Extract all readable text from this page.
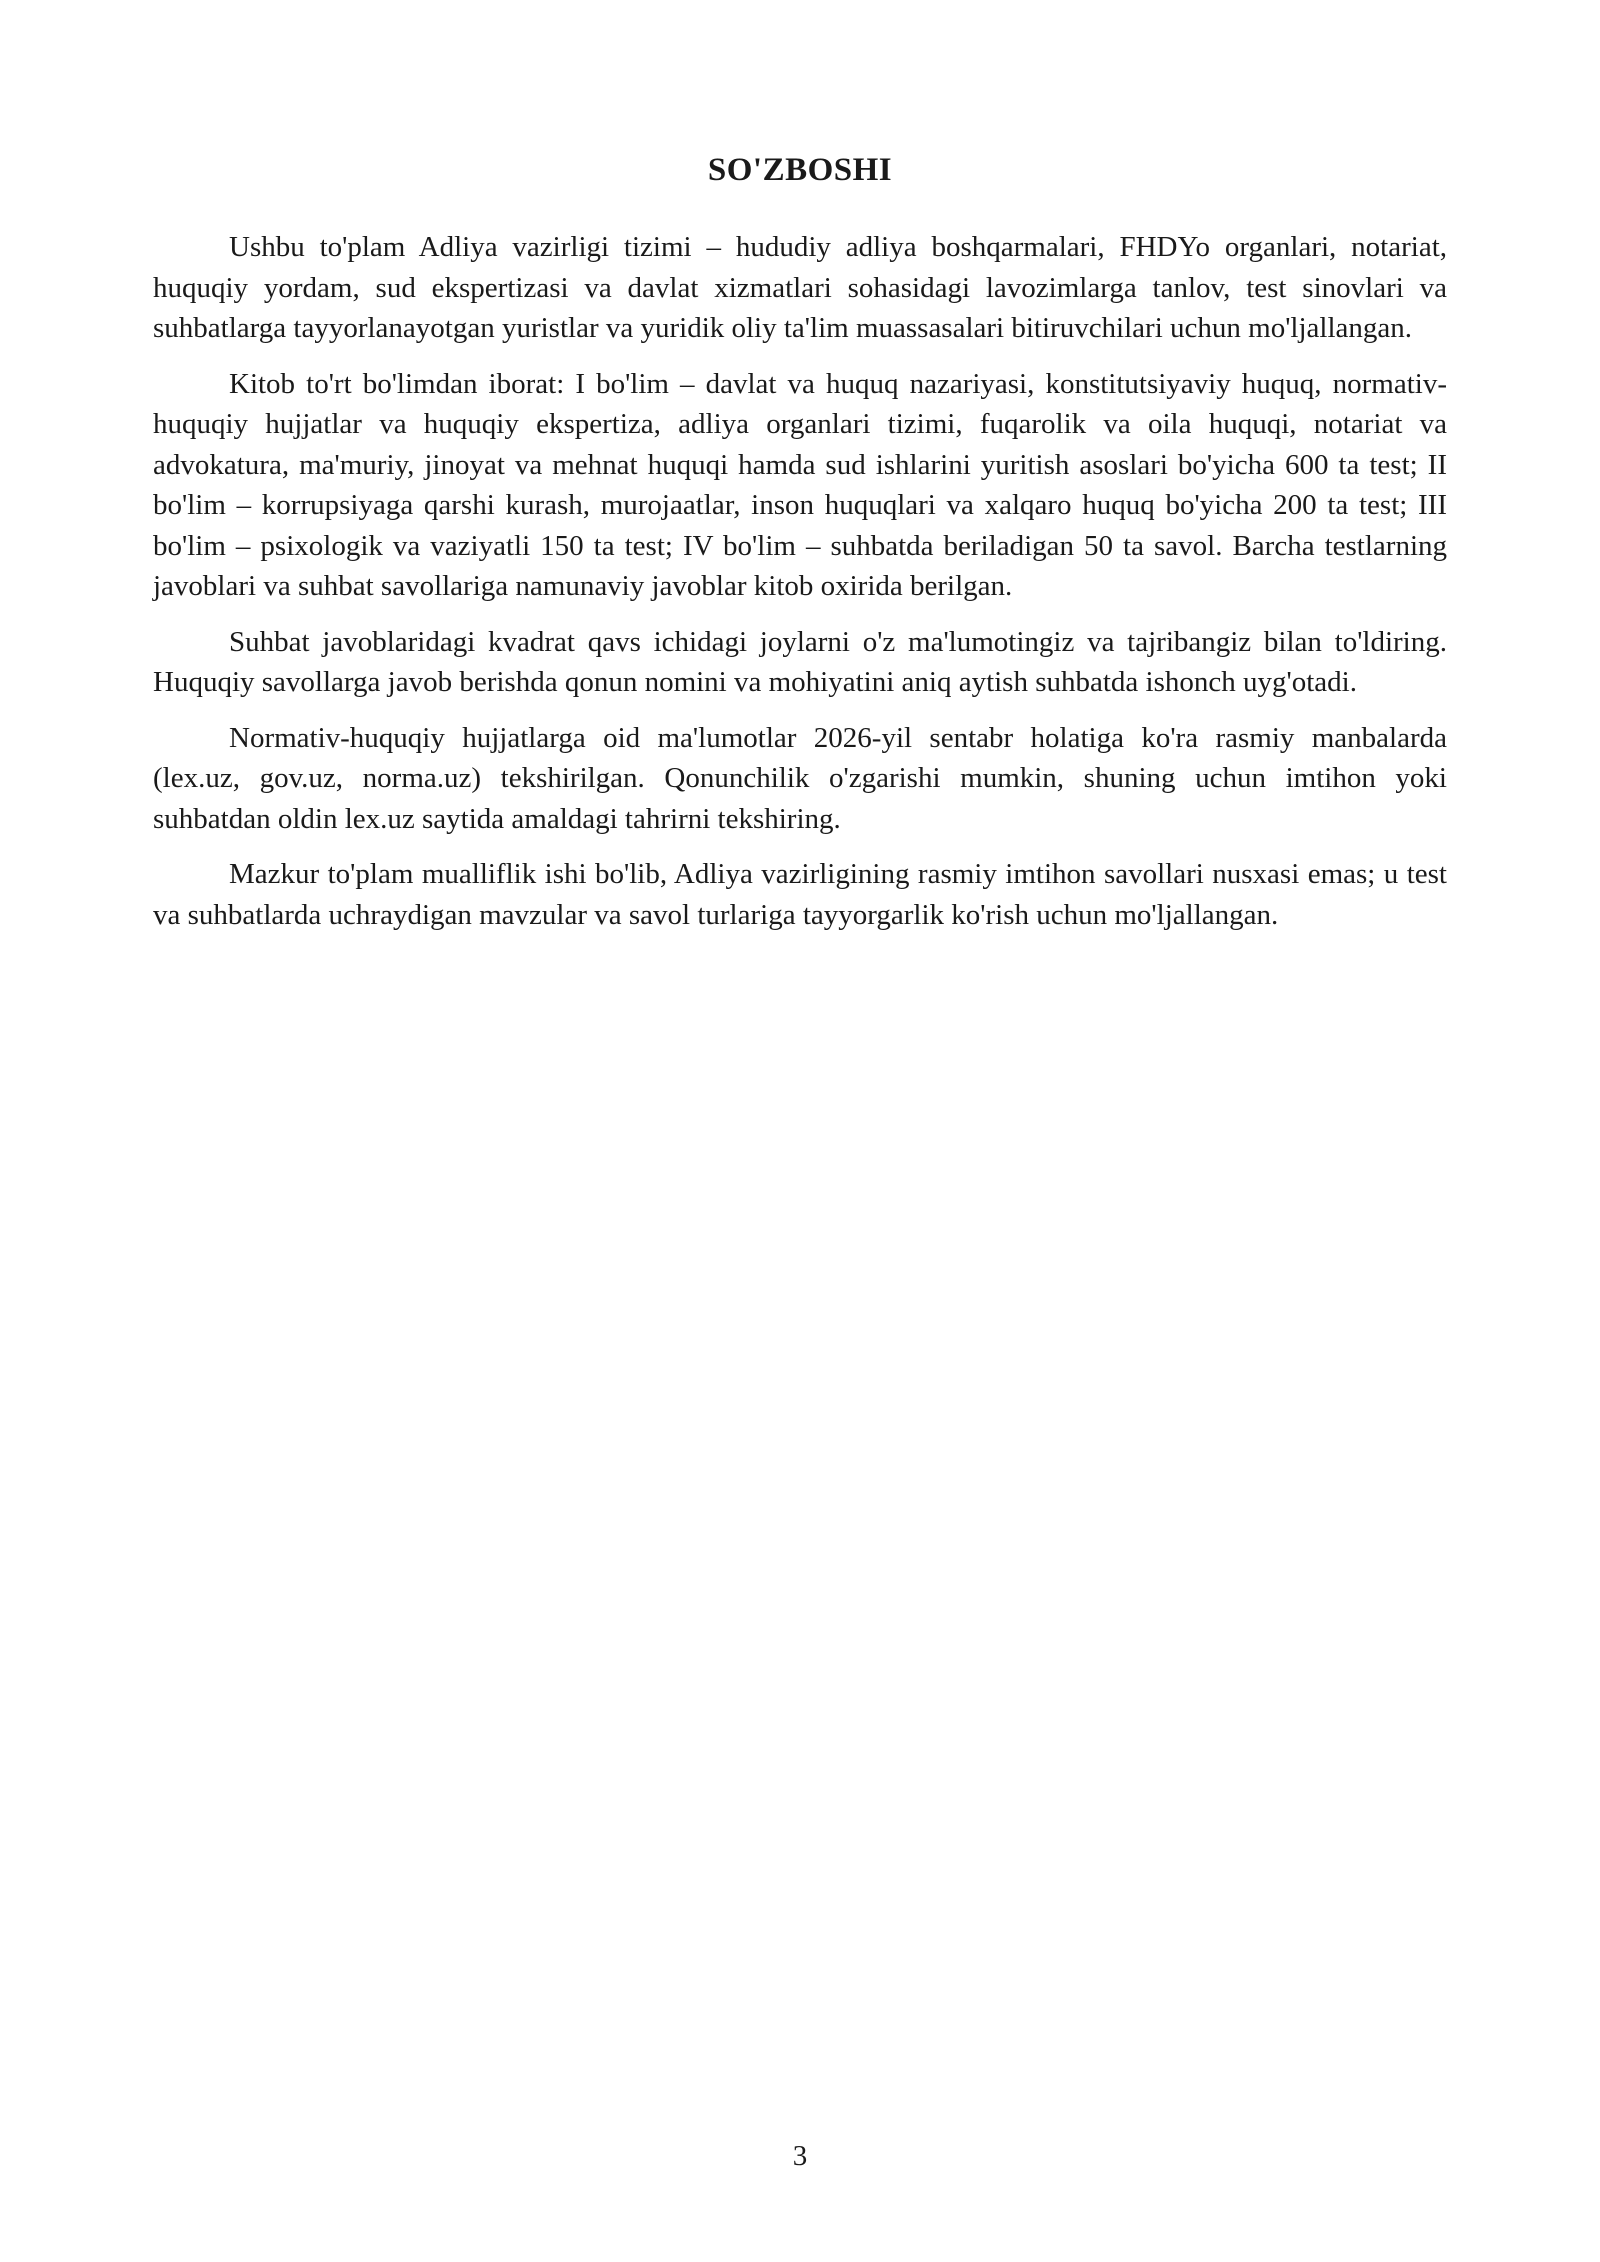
SO'ZBOSHI

Ushbu to'plam Adliya vazirligi tizimi – hududiy adliya boshqarmalari, FHDYo organlari, notariat, huquqiy yordam, sud ekspertizasi va davlat xizmatlari sohasidagi lavozimlarga tanlov, test sinovlari va suhbatlarga tayyorlanayotgan yuristlar va yuridik oliy ta'lim muassasalari bitiruvchilari uchun mo'ljallangan.

Kitob to'rt bo'limdan iborat: I bo'lim – davlat va huquq nazariyasi, konstitutsiyaviy huquq, normativ-huquqiy hujjatlar va huquqiy ekspertiza, adliya organlari tizimi, fuqarolik va oila huquqi, notariat va advokatura, ma'muriy, jinoyat va mehnat huquqi hamda sud ishlarini yuritish asoslari bo'yicha 600 ta test; II bo'lim – korrupsiyaga qarshi kurash, murojaatlar, inson huquqlari va xalqaro huquq bo'yicha 200 ta test; III bo'lim – psixologik va vaziyatli 150 ta test; IV bo'lim – suhbatda beriladigan 50 ta savol. Barcha testlarning javoblari va suhbat savollariga namunaviy javoblar kitob oxirida berilgan.

Suhbat javoblaridagi kvadrat qavs ichidagi joylarni o'z ma'lumotingiz va tajribangiz bilan to'ldiring. Huquqiy savollarga javob berishda qonun nomini va mohiyatini aniq aytish suhbatda ishonch uyg'otadi.

Normativ-huquqiy hujjatlarga oid ma'lumotlar 2026-yil sentabr holatiga ko'ra rasmiy manbalarda (lex.uz, gov.uz, norma.uz) tekshirilgan. Qonunchilik o'zgarishi mumkin, shuning uchun imtihon yoki suhbatdan oldin lex.uz saytida amaldagi tahrirni tekshiring.

Mazkur to'plam mualliflik ishi bo'lib, Adliya vazirligining rasmiy imtihon savollari nusxasi emas; u test va suhbatlarda uchraydigan mavzular va savol turlariga tayyorgarlik ko'rish uchun mo'ljallangan.

3
